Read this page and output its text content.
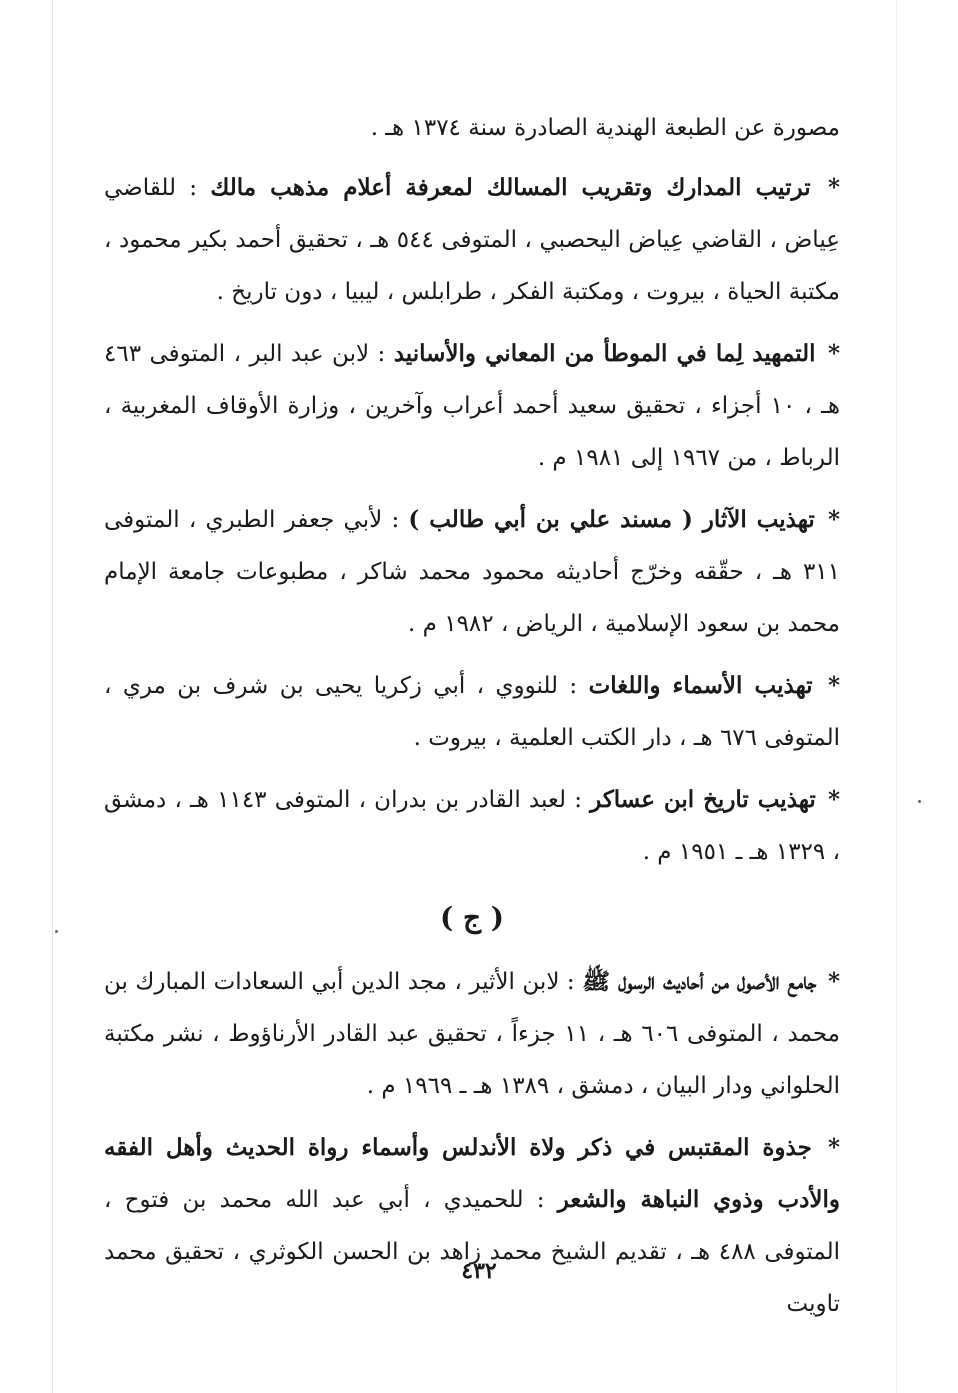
مصورة عن الطبعة الهندية الصادرة سنة ١٣٧٤ هـ .

* ترتيب المدارك وتقريب المسالك لمعرفة أعلام مذهب مالك : للقاضي عِياض ، القاضي عِياض اليحصبي ، المتوفى ٥٤٤ هـ ، تحقيق أحمد بكير محمود ، مكتبة الحياة ، بيروت ، ومكتبة الفكر ، طرابلس ، ليبيا ، دون تاريخ .

* التمهيد لِما في الموطأ من المعاني والأسانيد : لابن عبد البر ، المتوفى ٤٦٣ هـ ، ١٠ أجزاء ، تحقيق سعيد أحمد أعراب وآخرين ، وزارة الأوقاف المغربية ، الرباط ، من ١٩٦٧ إلى ١٩٨١ م .

* تهذيب الآثار ( مسند علي بن أبي طالب ) : لأبي جعفر الطبري ، المتوفى ٣١١ هـ ، حقّقه وخرّج أحاديثه محمود محمد شاكر ، مطبوعات جامعة الإمام محمد بن سعود الإسلامية ، الرياض ، ١٩٨٢ م .

* تهذيب الأسماء واللغات : للنووي ، أبي زكريا يحيى بن شرف بن مري ، المتوفى ٦٧٦ هـ ، دار الكتب العلمية ، بيروت .

* تهذيب تاريخ ابن عساكر : لعبد القادر بن بدران ، المتوفى ١١٤٣ هـ ، دمشق ، ١٣٢٩ هـ ـ ١٩٥١ م .

( ج )

* جامع الأصول من أحاديث الرسول ﷺ : لابن الأثير ، مجد الدين أبي السعادات المبارك بن محمد ، المتوفى ٦٠٦ هـ ، ١١ جزءاً ، تحقيق عبد القادر الأرناؤوط ، نشر مكتبة الحلواني ودار البيان ، دمشق ، ١٣٨٩ هـ ـ ١٩٦٩ م .

* جذوة المقتبس في ذكر ولاة الأندلس وأسماء رواة الحديث وأهل الفقه والأدب وذوي النباهة والشعر : للحميدي ، أبي عبد الله محمد بن فتوح ، المتوفى ٤٨٨ هـ ، تقديم الشيخ محمد زاهد بن الحسن الكوثري ، تحقيق محمد تاويت

٤٣٢
